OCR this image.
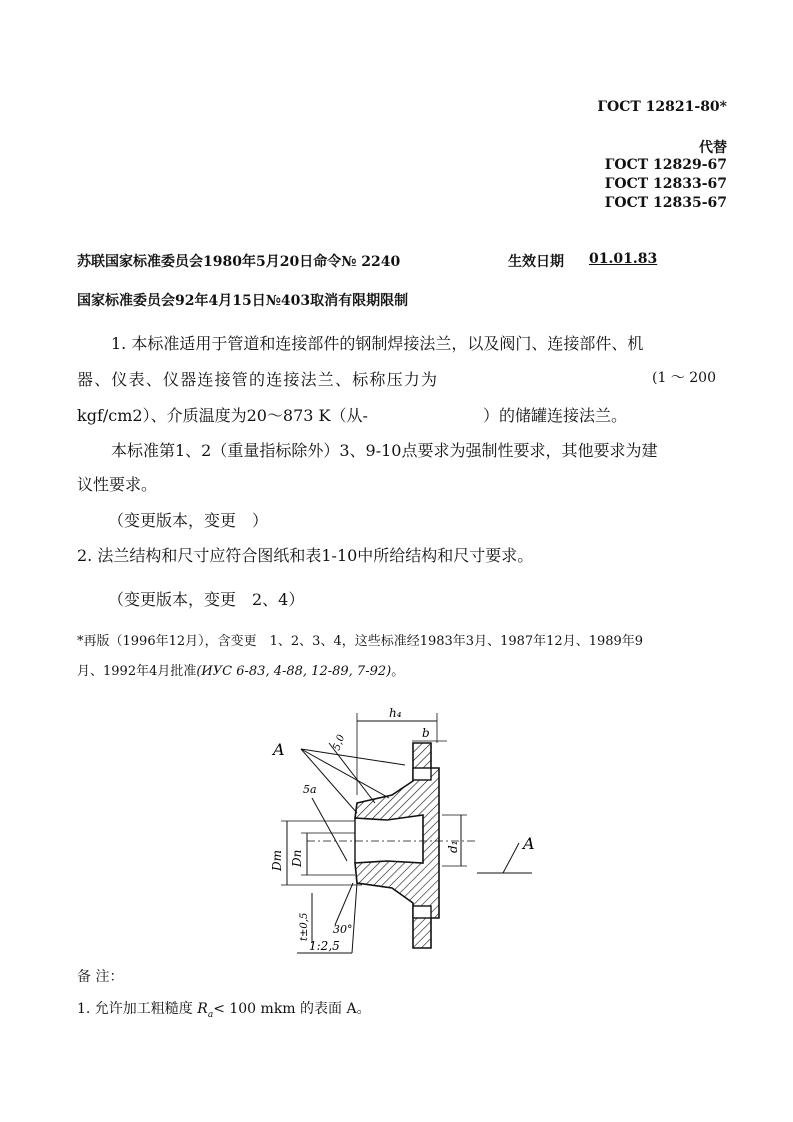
ГОСТ 12821-80*
代替
ГОСТ 12829-67
ГОСТ 12833-67
ГОСТ 12835-67
苏联国家标准委员会1980年5月20日命令№ 2240	生效日期 01.01.83
国家标准委员会92年4月15日№403取消有限期限制
1. 本标准适用于管道和连接部件的钢制焊接法兰，以及阀门、连接部件、机
器、仪表、仪器连接管的连接法兰、标称压力为	(1 ～ 200
kgf/cm2）、介质温度为20～873 K（从-	）的储罐连接法兰。
本标准第1、2（重量指标除外）3、9-10点要求为强制性要求，其他要求为建
议性要求。
（变更版本，变更　）
2. 法兰结构和尺寸应符合图纸和表1-10中所给结构和尺寸要求。
（变更版本，变更　2、4）
*再版（1996年12月），含变更　1、2、3、4，这些标准经1983年3月、1987年12月、1989年9
月、1992年4月批准(ИУС 6-83, 4-88, 12-89, 7-92)。
A
A
h₄
b
5,0
5a
Dm Dn
d₁
t±0,5 30°
1:2,5
备 注：
1. 允许加工粗糙度 $R_a< 100$ mkm 的表面 A。
